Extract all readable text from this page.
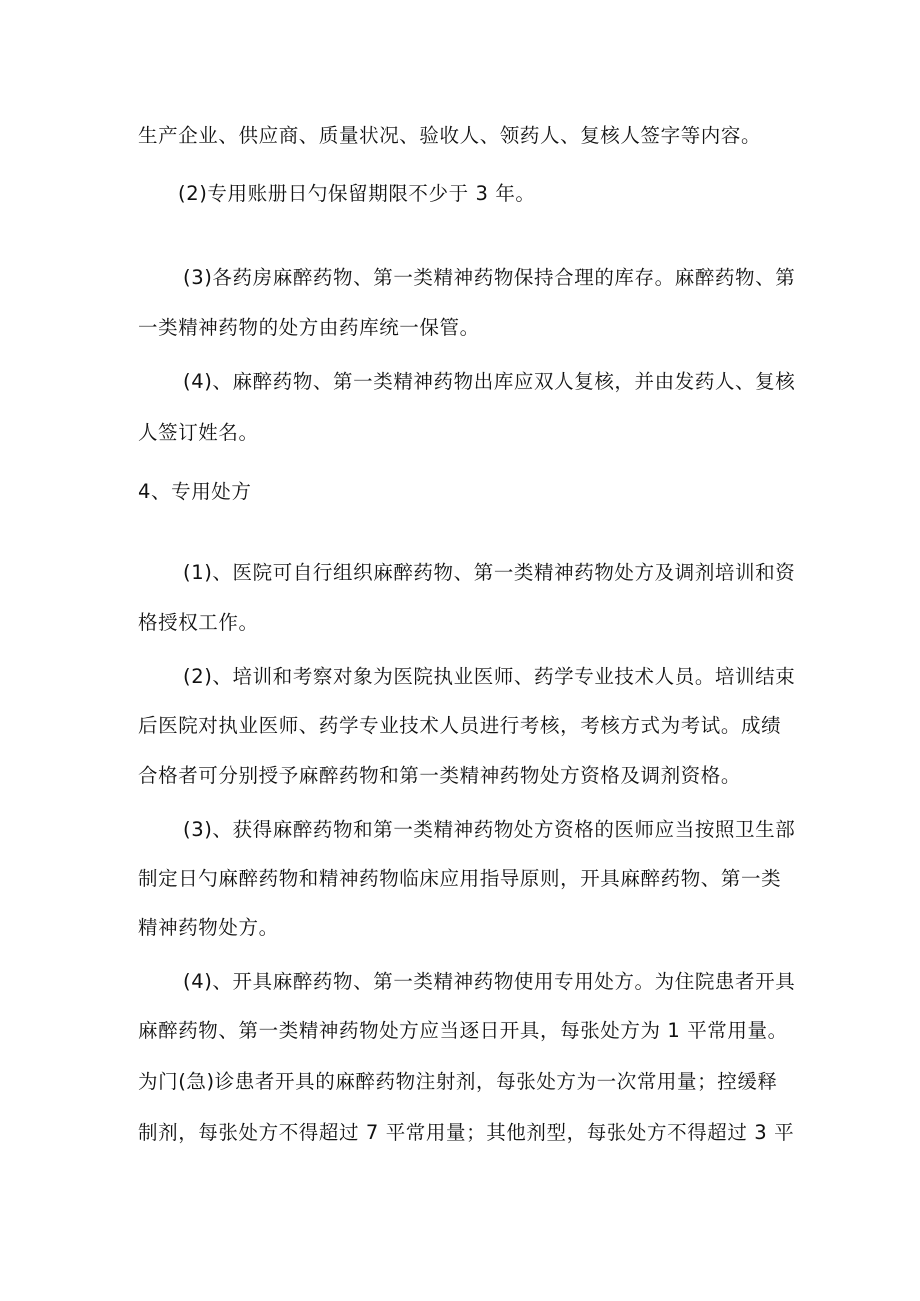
生产企业、供应商、质量状况、验收人、领药人、复核人签字等内容。
(2)专用账册日勺保留期限不少于 3 年。
(3)各药房麻醉药物、第一类精神药物保持合理的库存。麻醉药物、第
一类精神药物的处方由药库统一保管。
(4)、麻醉药物、第一类精神药物出库应双人复核，并由发药人、复核
人签订姓名。
4、专用处方
(1)、医院可自行组织麻醉药物、第一类精神药物处方及调剂培训和资
格授权工作。
(2)、培训和考察对象为医院执业医师、药学专业技术人员。培训结束
后医院对执业医师、药学专业技术人员进行考核，考核方式为考试。成绩
合格者可分别授予麻醉药物和第一类精神药物处方资格及调剂资格。
(3)、获得麻醉药物和第一类精神药物处方资格的医师应当按照卫生部
制定日勺麻醉药物和精神药物临床应用指导原则，开具麻醉药物、第一类
精神药物处方。
(4)、开具麻醉药物、第一类精神药物使用专用处方。为住院患者开具
麻醉药物、第一类精神药物处方应当逐日开具，每张处方为 1 平常用量。
为门(急)诊患者开具的麻醉药物注射剂，每张处方为一次常用量；控缓释
制剂，每张处方不得超过 7 平常用量；其他剂型，每张处方不得超过 3 平
